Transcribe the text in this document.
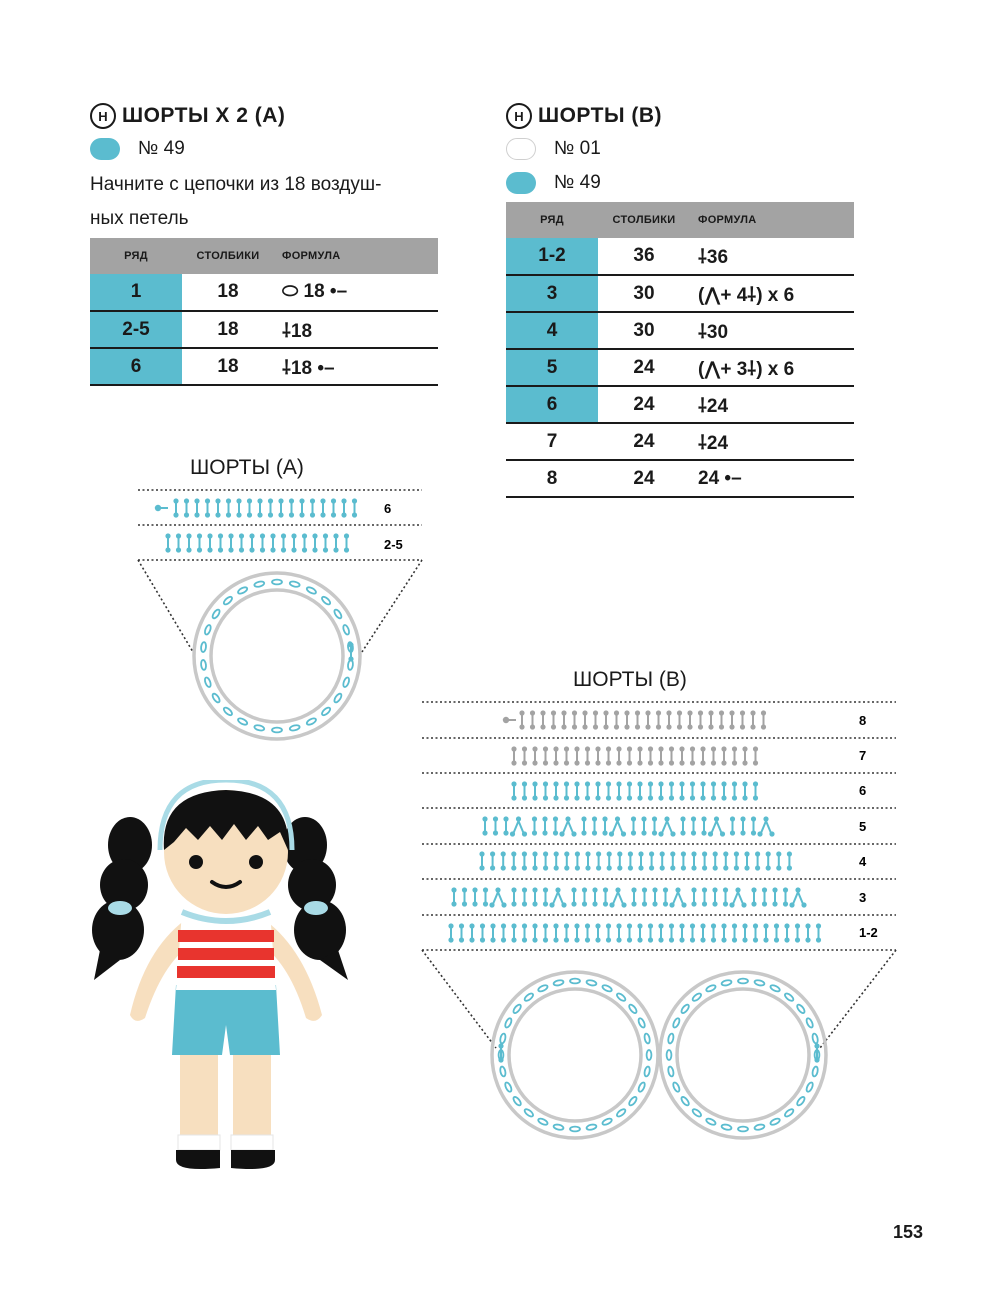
H ШОРТЫ Х 2 (А)
№ 49
Начните с цепочки из 18 воздуш-
ных петель
РЯД	СТОЛБИКИ	ФОРМУЛА
1	18	⬭ 18 •–
2-5	18	⸸18
6	18	⸸18 •–
H ШОРТЫ (В)
№ 01
№ 49
РЯД	СТОЛБИКИ	ФОРМУЛА
1-2	36	⸸36
3	30	(⋀+ 4⸸) x 6
4	30	⸸30
5	24	(⋀+ 3⸸) x 6
6	24	⸸24
7	24	⸸24
8	24	24 •–
ШОРТЫ (А)
6
2-5
ШОРТЫ (В)
8
7
6
5
4
3
1-2
153
